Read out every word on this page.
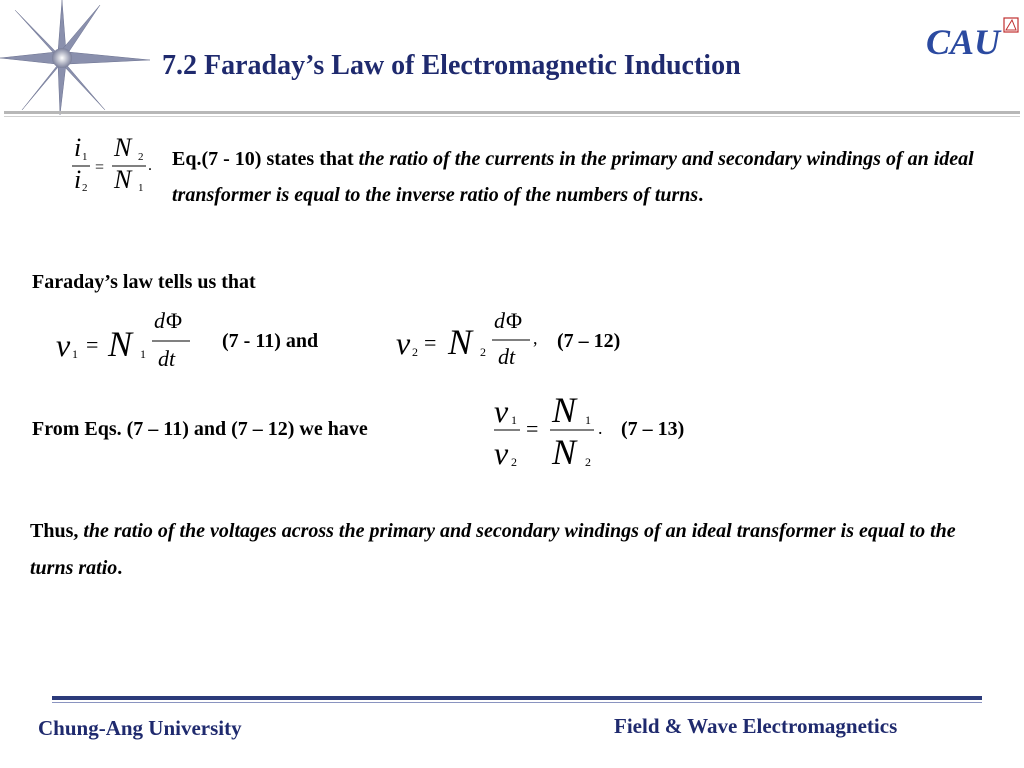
7.2 Faraday’s Law of Electromagnetic Induction
CAU
i 1
i 2
=
N 2
N 1
. Eq.(7 - 10) states that the ratio of the currents in the primary and secondary windings of an ideal transformer is equal to the inverse ratio of the numbers of turns.
Faraday’s law tells us that
v 1 = N 1
d Φ
dt
(7 - 11) and v 2 = N 2
d Φ
dt
, (7 – 12)
From Eqs. (7 – 11) and (7 – 12) we have	v 1
v 2
= N 1
N 2
. (7 – 13)
Thus, the ratio of the voltages across the primary and secondary windings of an ideal transformer is equal to the turns ratio.
Chung-Ang University	Field & Wave Electromagnetics
